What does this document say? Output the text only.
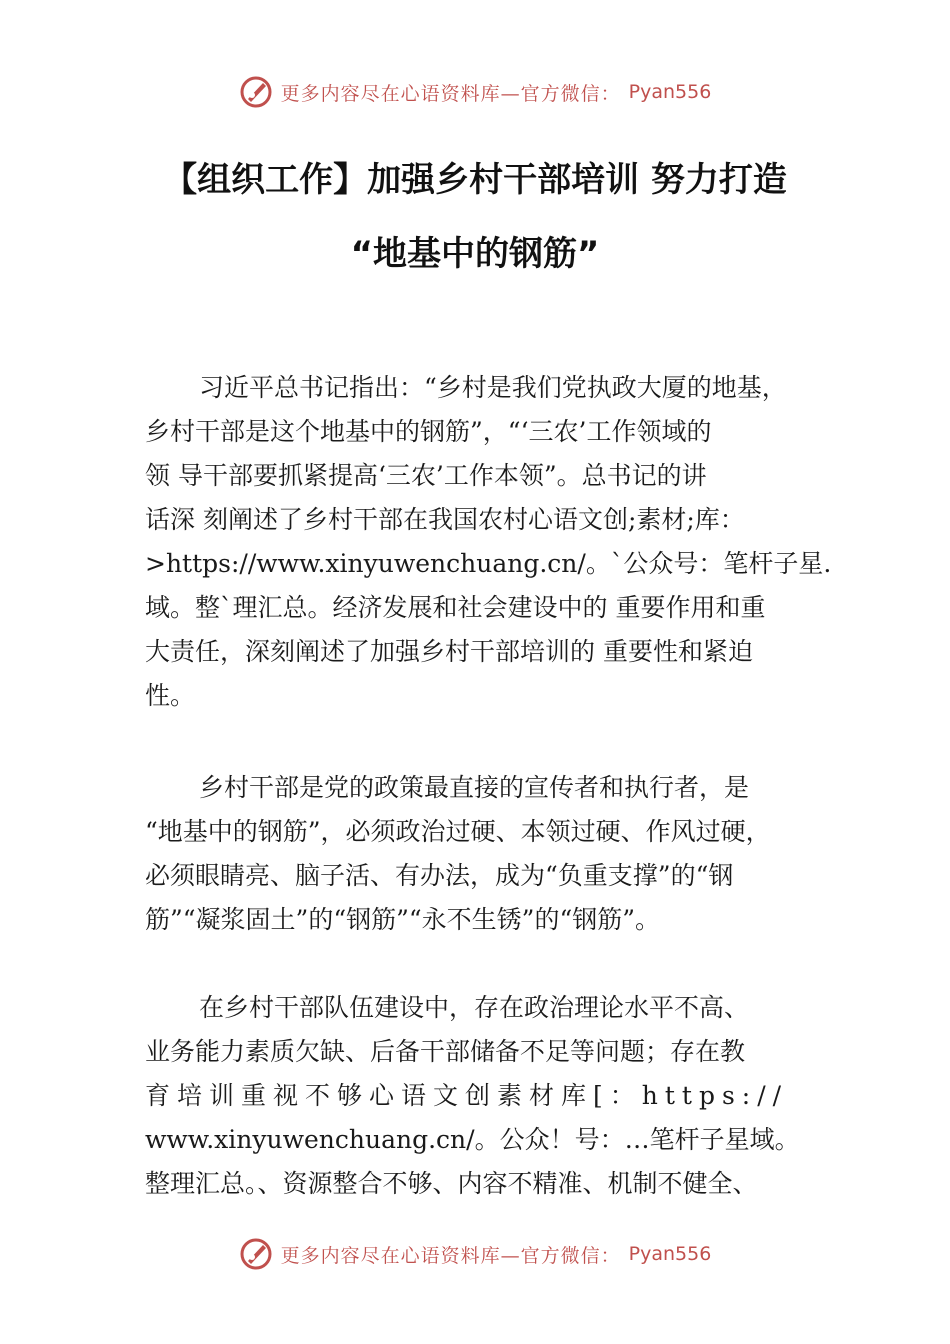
更多内容尽在心语资料库—官方微信： Pyan556
【组织工作】加强乡村干部培训 努力打造
“地基中的钢筋”
习近平总书记指出：“乡村是我们党执政大厦的地基，
乡村干部是这个地基中的钢筋”，“‘三农’工作领域的
领 导干部要抓紧提高‘三农’工作本领”。总书记的讲
话深 刻阐述了乡村干部在我国农村心语文创;素材;库：
>https://www.xinyuwenchuang.cn/。`公众号：笔杆子星.
域。整`理汇总。经济发展和社会建设中的 重要作用和重
大责任，深刻阐述了加强乡村干部培训的 重要性和紧迫
性。
乡村干部是党的政策最直接的宣传者和执行者，是
“地基中的钢筋”，必须政治过硬、本领过硬、作风过硬，
必须眼睛亮、脑子活、有办法，成为“负重支撑”的“钢
筋”“凝浆固土”的“钢筋”“永不生锈”的“钢筋”。
在乡村干部队伍建设中，存在政治理论水平不高、
业务能力素质欠缺、后备干部储备不足等问题；存在教
育培训重视不够心语文创素材库[：https://
www.xinyuwenchuang.cn/。公众！号：…笔杆子星域。
整理汇总。、资源整合不够、内容不精准、机制不健全、
更多内容尽在心语资料库—官方微信： Pyan556
